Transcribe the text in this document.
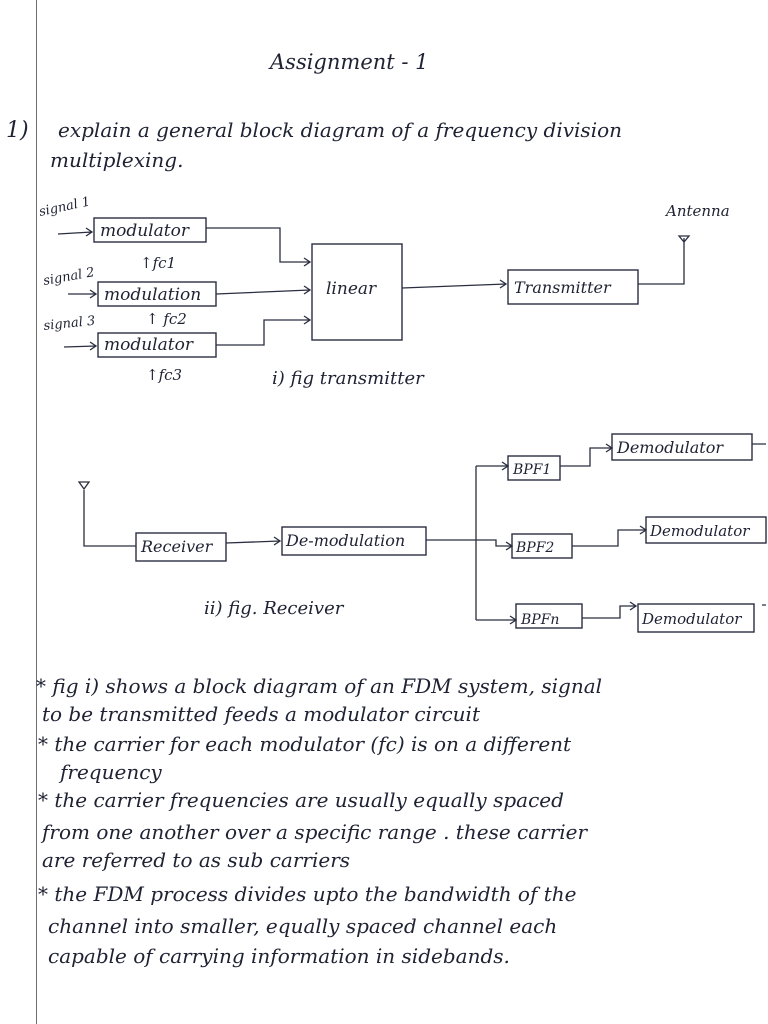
Assignment - 1
1) explain a general block diagram of a frequency division
multiplexing.
signal 1
signal 2
signal 3
modulator
modulation
modulator
↑fc1
↑ fc2
↑fc3
linear	Transmitter
Antenna
i) fig transmitter
Receiver	De-modulation
BPF1
BPF2
BPFn
Demodulator
Demodulator
Demodulator
ii) fig. Receiver
* fig i) shows a block diagram of an FDM system, signal
to be transmitted feeds a modulator circuit
* the carrier for each modulator (fc) is on a different
frequency
* the carrier frequencies are usually equally spaced
from one another over a specific range . these carrier
are referred to as sub carriers
* the FDM process divides upto the bandwidth of the
channel into smaller, equally spaced channel each
capable of carrying information in sidebands.
